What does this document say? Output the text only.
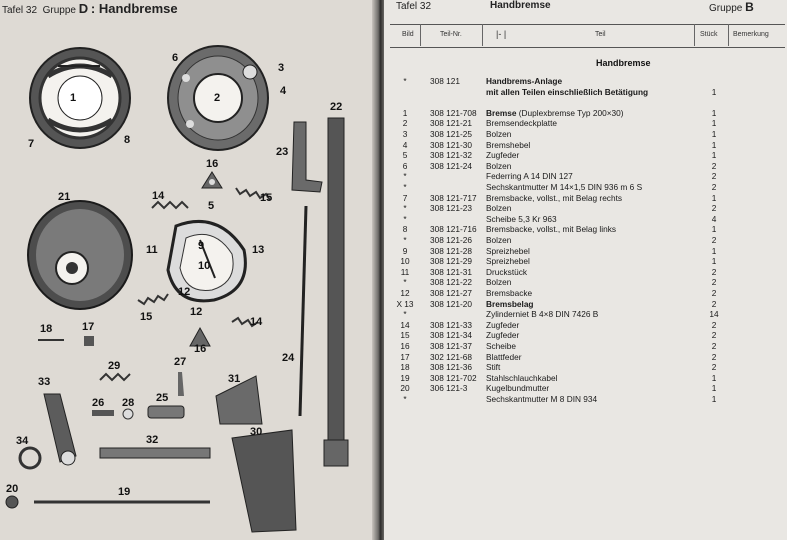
Tafel 32 Gruppe D : Handbremse
1	2
3
4
5
6
7	8
9
10
11
12
13
14	15
16
17
18
19
20
21
22
23
24
25
26
27
28
29
30
31
32
33
34
14
15
16
12
Tafel 32	Handbremse	Gruppe B
Bild	Teil-Nr.	|- |	Teil	Stück Bemerkung
Handbremse
*	308 121	Handbrems-Anlage
mit allen Teilen einschließlich Betätigung	1
1	308 121-708 Bremse (Duplexbremse Typ 200×30)	1
2	308 121-21 Bremsendeckplatte	1
3	308 121-25 Bolzen	1
4	308 121-30 Bremshebel	1
5	308 121-32 Zugfeder	1
6	308 121-24 Bolzen	2
*	Federring A 14 DIN 127	2
*	Sechskantmutter M 14×1,5 DIN 936 m 6 S	2
7	308 121-717 Bremsbacke, vollst., mit Belag rechts	1
*	308 121-23 Bolzen	2
*	Scheibe 5,3 Kr 963	4
8	308 121-716 Bremsbacke, vollst., mit Belag links	1
*	308 121-26 Bolzen	2
9	308 121-28 Spreizhebel	1
10	308 121-29 Spreizhebel	1
11	308 121-31 Druckstück	2
*	308 121-22 Bolzen	2
12	308 121-27 Bremsbacke	2
X 13	308 121-20 Bremsbelag	2
*	Zylinderniet B 4×8 DIN 7426 B	14
14	308 121-33 Zugfeder	2
15	308 121-34 Zugfeder	2
16	308 121-37 Scheibe	2
17	302 121-68 Blattfeder	2
18	308 121-36 Stift	2
19	308 121-702 Stahlschlauchkabel	1
20	306 121-3 Kugelbundmutter	1
*	Sechskantmutter M 8 DIN 934	1
